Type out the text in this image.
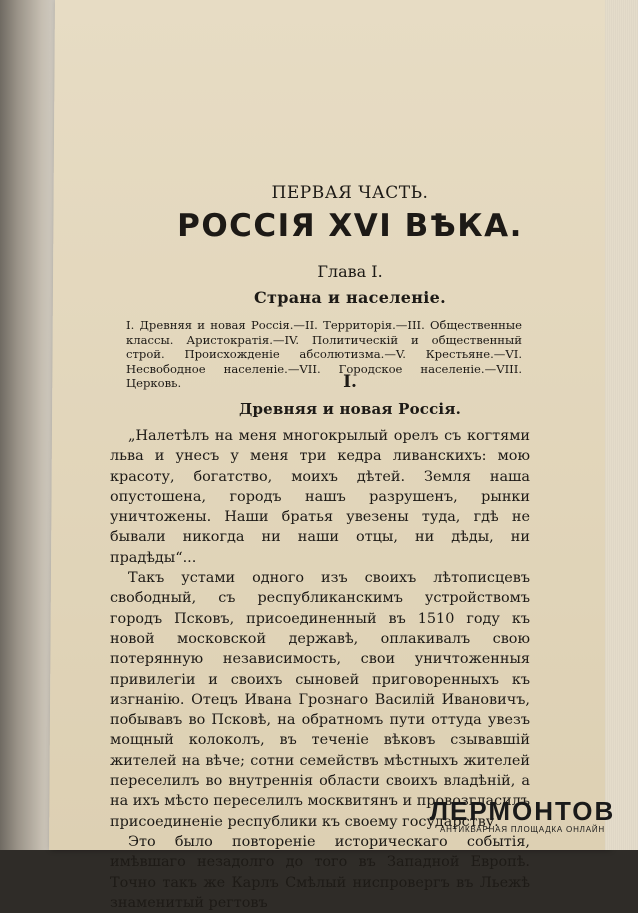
ПЕРВАЯ ЧАСТЬ.
РОССІЯ XVI ВѢКА.
Глава I.
Страна и населеніе.
I. Древняя и новая Россія.—II. Территорія.—III. Общественные классы. Аристократія.—IV. Политическій и общественный строй. Происхожденіе абсолютизма.—V. Крестьяне.—VI. Несвободное населеніе.—VII. Городское населеніе.—VIII. Церковь.	I.
Древняя и новая Россія.

„Налетѣлъ на меня многокрылый орелъ съ когтями льва и унесъ у меня три кедра ливанскихъ: мою красоту, богатство, моихъ дѣтей. Земля наша опустошена, городъ нашъ разрушенъ, рынки уничтожены. Наши братья увезены туда, гдѣ не бывали никогда ни наши отцы, ни дѣды, ни прадѣды“...

Такъ устами одного изъ своихъ лѣтописцевъ свободный, съ республиканскимъ устройствомъ городъ Псковъ, присоединенный въ 1510 году къ новой московской державѣ, оплакивалъ свою потерянную независимость, свои уничтоженныя привилегіи и своихъ сыновей приговоренныхъ къ изгнанію. Отецъ Ивана Грознаго Василій Ивановичъ, побывавъ во Псковѣ, на обратномъ пути оттуда увезъ мощный колоколъ, въ теченіе вѣковъ сзывавшій жителей на вѣче; сотни семействъ мѣстныхъ жителей переселилъ во внутреннія области своихъ владѣній, а на ихъ мѣсто переселилъ москвитянъ и провозгласилъ присоединеніе республики къ своему государству.

Это было повтореніе историческаго событія, имѣвшаго незадолго до того въ Западной Европѣ. Точно такъ же Карлъ Смѣлый ниспровергъ въ Льежѣ знаменитый регтовъ

ЛЕРМОНТОВ
АНТИКВАРНАЯ ПЛОЩАДКА ОНЛАЙН
